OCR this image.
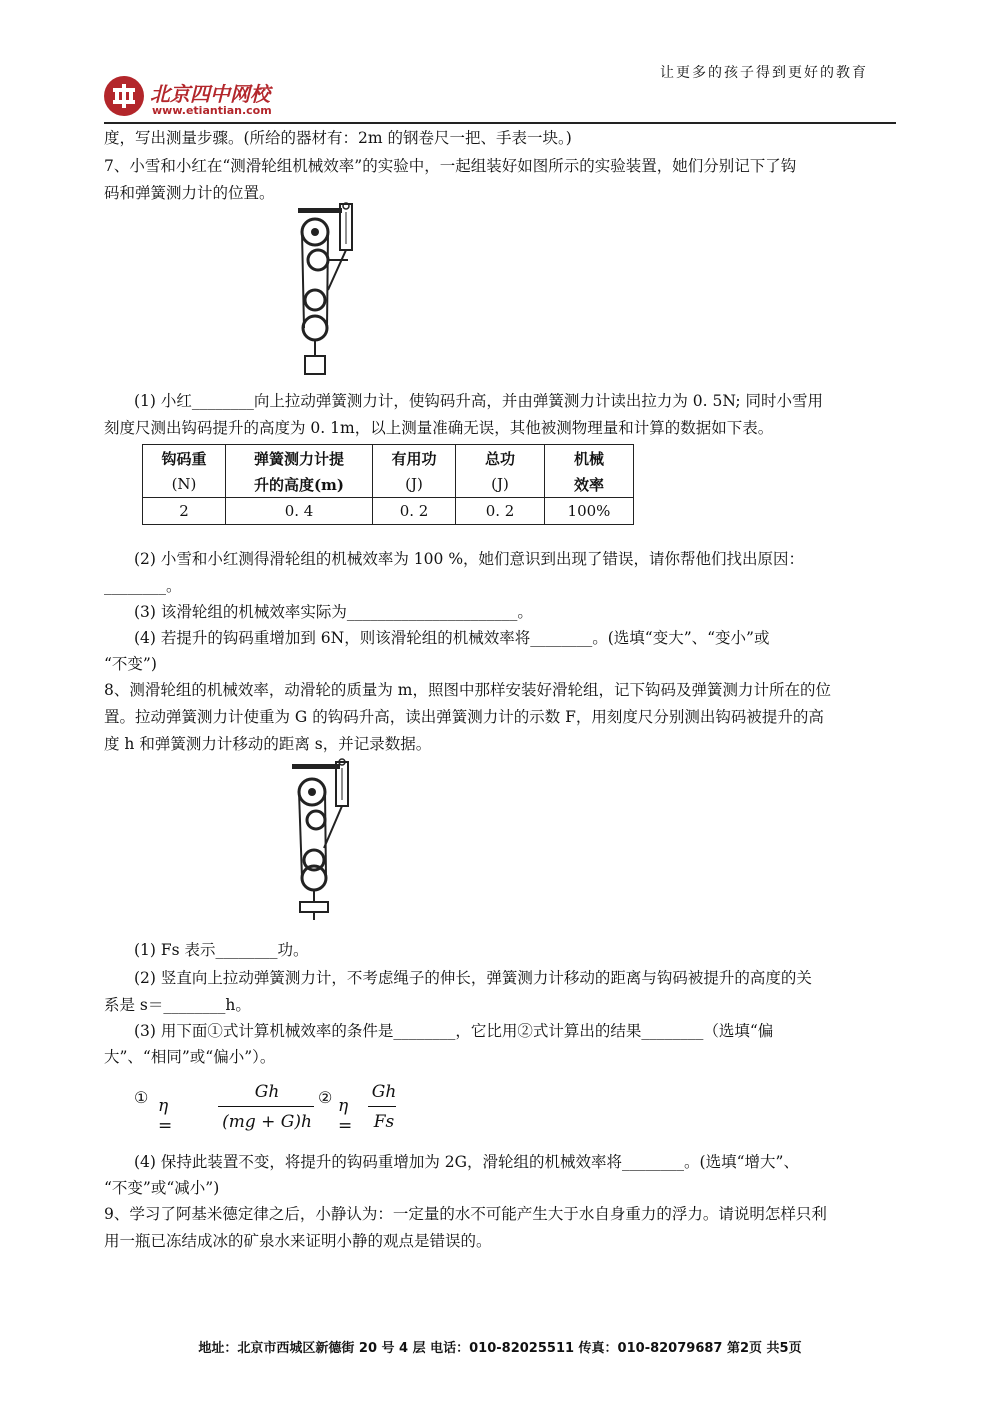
北京四中网校
www.etiantian.com
让更多的孩子得到更好的教育
度，写出测量步骤。(所给的器材有：2m 的钢卷尺一把、手表一块。)
7、小雪和小红在“测滑轮组机械效率”的实验中，一起组装好如图所示的实验装置，她们分别记下了钩
码和弹簧测力计的位置。
(1) 小红________向上拉动弹簧测力计，使钩码升高，并由弹簧测力计读出拉力为 0. 5N; 同时小雪用
刻度尺测出钩码提升的高度为 0. 1m，以上测量准确无误，其他被测物理量和计算的数据如下表。
钩码重	弹簧测力计提	有用功	总功	机械
(N)	升的高度(m)	(J)	(J)	效率
2	0. 4	0. 2	0. 2	100%
(2) 小雪和小红测得滑轮组的机械效率为 100 %，她们意识到出现了错误，请你帮他们找出原因：
________。
(3) 该滑轮组的机械效率实际为______________________。
(4) 若提升的钩码重增加到 6N，则该滑轮组的机械效率将________。(选填“变大”、“变小”或
“不变”)
8、测滑轮组的机械效率，动滑轮的质量为 m，照图中那样安装好滑轮组，记下钩码及弹簧测力计所在的位
置。拉动弹簧测力计使重为 G 的钩码升高，读出弹簧测力计的示数 F，用刻度尺分别测出钩码被提升的高
度 h 和弹簧测力计移动的距离 s，并记录数据。
(1) Fs 表示________功。
(2) 竖直向上拉动弹簧测力计，不考虑绳子的伸长，弹簧测力计移动的距离与钩码被提升的高度的关
系是 s＝________h。
(3) 用下面①式计算机械效率的条件是________，它比用②式计算出的结果________（选填“偏
大”、“相同”或“偏小”）。
① η =
Gh
(mg + G)h
② η =
Gh
Fs
(4) 保持此装置不变，将提升的钩码重增加为 2G，滑轮组的机械效率将________。(选填“增大”、
“不变”或“减小”)
9、学习了阿基米德定律之后，小静认为：一定量的水不可能产生大于水自身重力的浮力。请说明怎样只利
用一瓶已冻结成冰的矿泉水来证明小静的观点是错误的。
地址：北京市西城区新德街 20 号 4 层 电话：010-82025511 传真：010-82079687 第2页 共5页
